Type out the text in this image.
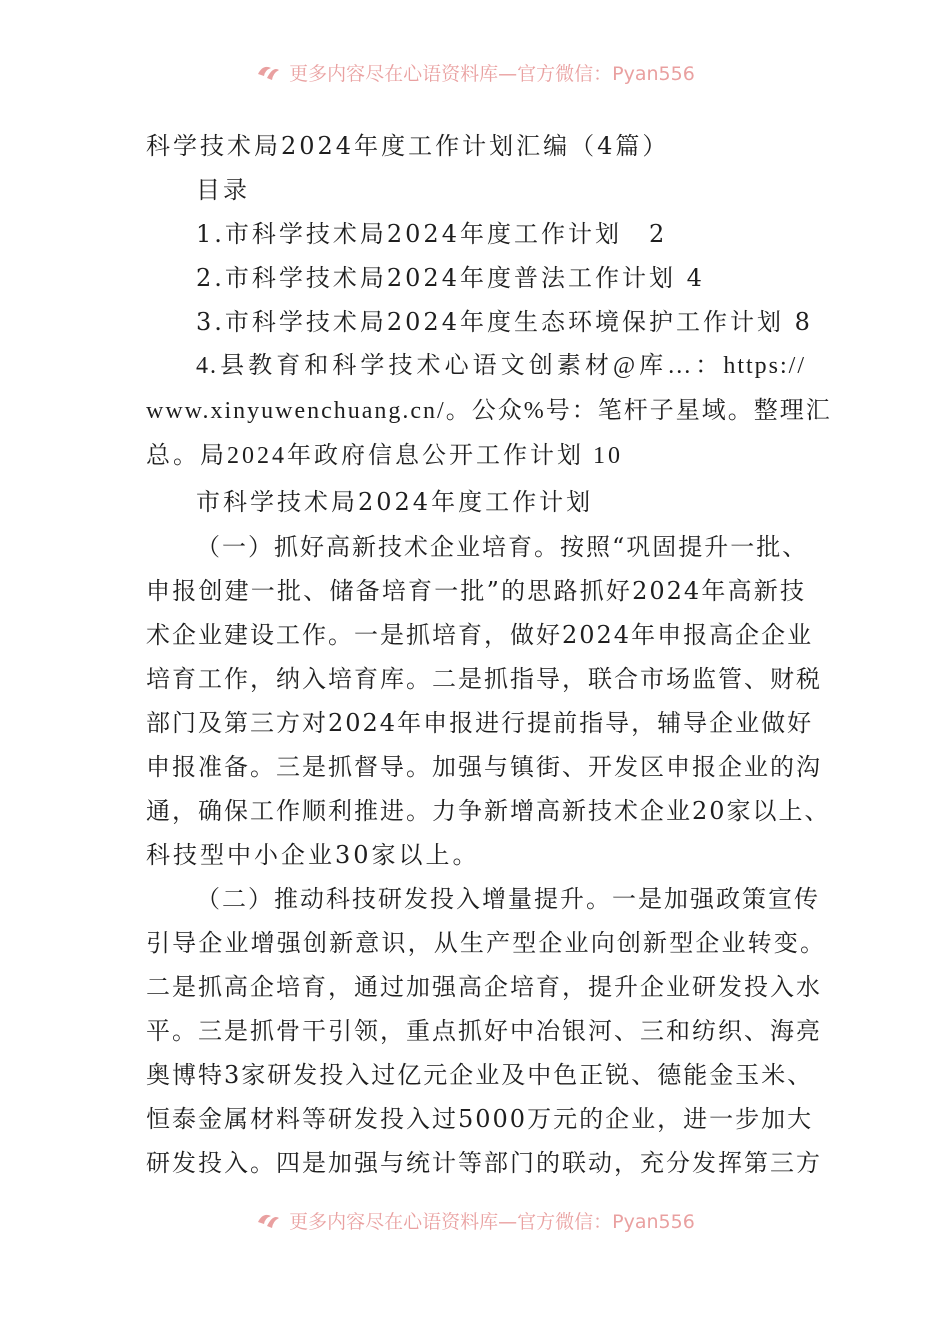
更多内容尽在心语资料库—官方微信：Pyan556
科学技术局2024年度工作计划汇编（4篇）
目录
1.市科学技术局2024年度工作计划　2
2.市科学技术局2024年度普法工作计划 4
3.市科学技术局2024年度生态环境保护工作计划 8
4.县教育和科学技术心语文创素材@库…：https://
www.xinyuwenchuang.cn/。公众%号：笔杆子星域。整理汇
总。局2024年政府信息公开工作计划 10
市科学技术局2024年度工作计划
（一）抓好高新技术企业培育。按照“巩固提升一批、
申报创建一批、储备培育一批”的思路抓好2024年高新技
术企业建设工作。一是抓培育，做好2024年申报高企企业
培育工作，纳入培育库。二是抓指导，联合市场监管、财税
部门及第三方对2024年申报进行提前指导，辅导企业做好
申报准备。三是抓督导。加强与镇街、开发区申报企业的沟
通，确保工作顺利推进。力争新增高新技术企业20家以上、
科技型中小企业30家以上。
（二）推动科技研发投入增量提升。一是加强政策宣传
引导企业增强创新意识，从生产型企业向创新型企业转变。
二是抓高企培育，通过加强高企培育，提升企业研发投入水
平。三是抓骨干引领，重点抓好中冶银河、三和纺织、海亮
奥博特3家研发投入过亿元企业及中色正锐、德能金玉米、
恒泰金属材料等研发投入过5000万元的企业，进一步加大
研发投入。四是加强与统计等部门的联动，充分发挥第三方
更多内容尽在心语资料库—官方微信：Pyan556
